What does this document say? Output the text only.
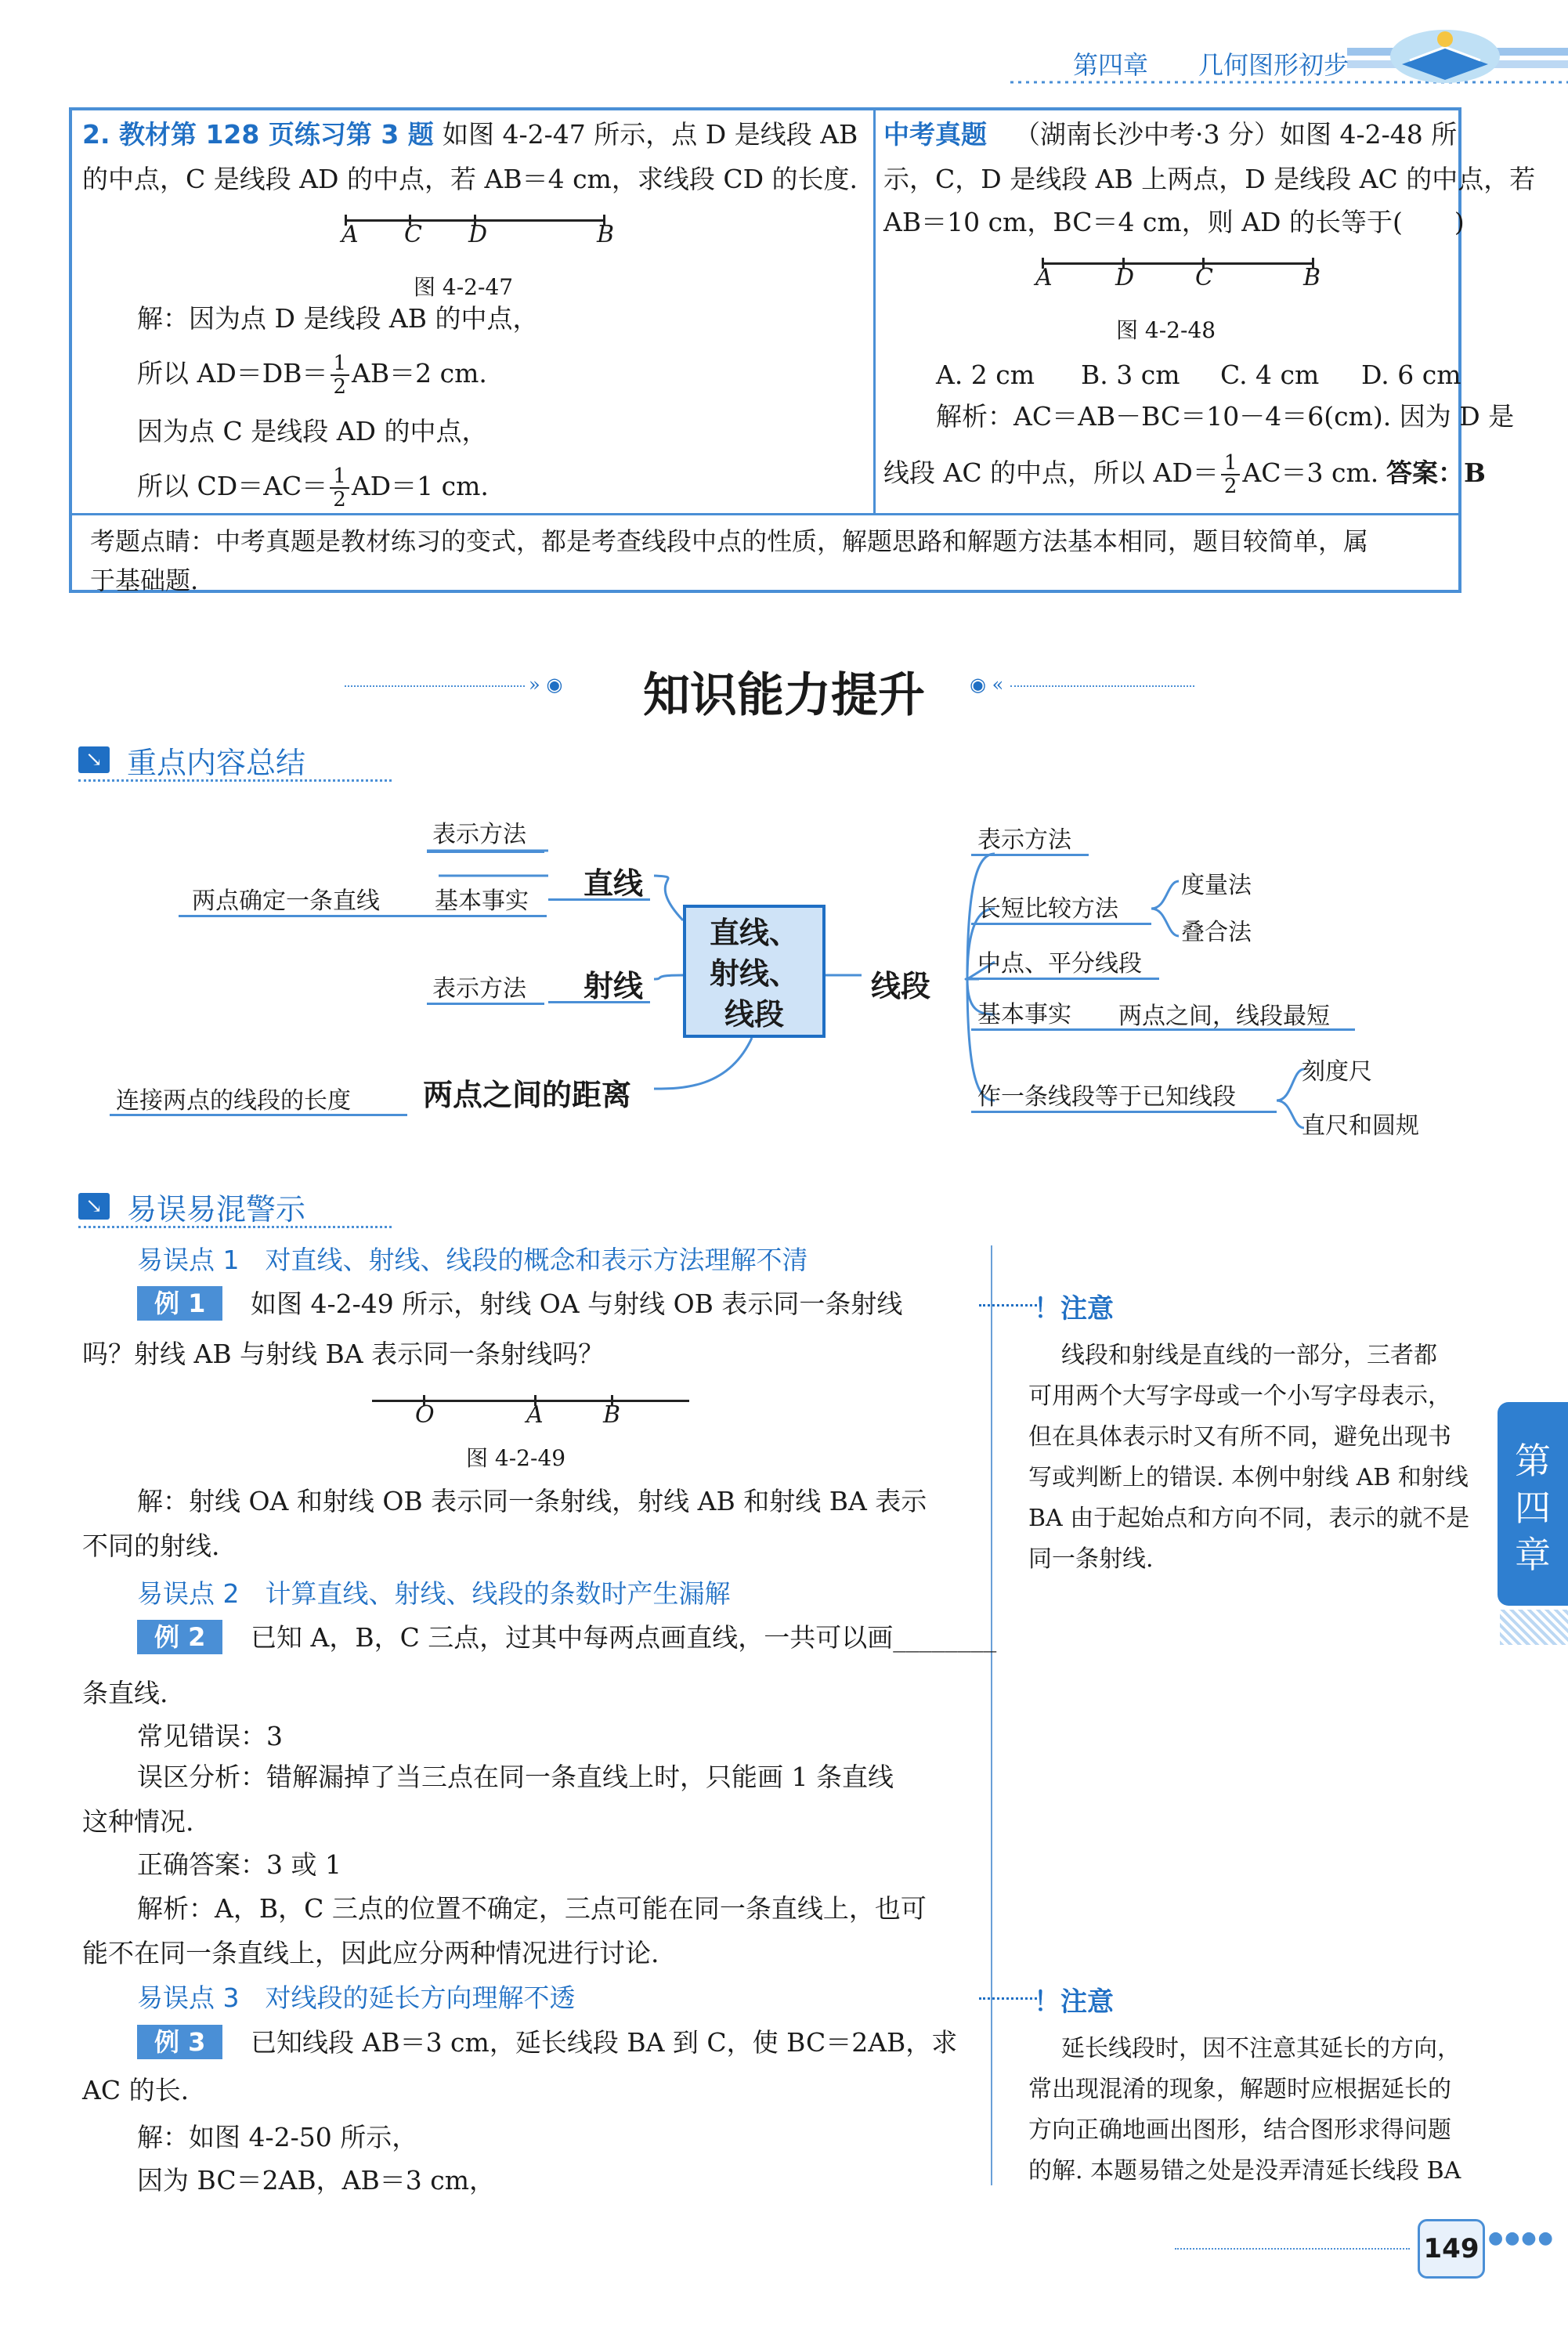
第四章 几何图形初步
2. 教材第 128 页练习第 3 题 如图 4-2-47 所示，点 D 是线段 AB
的中点，C 是线段 AD 的中点，若 AB＝4 cm，求线段 CD 的长度.
A C D	B
图 4-2-47
解：因为点 D 是线段 AB 的中点，
所以 $AD=DB= \frac{1}{2} AB=2$ cm.
因为点 C 是线段 AD 的中点，
所以 $CD=AC= \frac{1}{2} AD=1$ cm.
中考真题 （湖南长沙中考·3 分）如图 4-2-48 所
示，C，D 是线段 AB 上两点，D 是线段 AC 的中点，若
AB＝10 cm，BC＝4 cm，则 AD 的长等于(　　)
A	D	C	B
图 4-2-48
A. 2 cm B. 3 cm C. 4 cm D. 6 cm
解析：AC＝AB－BC＝10－4＝6(cm). 因为 D 是
线段 AC 的中点，所以 $AD= \frac{1}{2} AC=3$ cm. 答案：B
考题点睛：中考真题是教材练习的变式，都是考查线段中点的性质，解题思路和解题方法基本相同，题目较简单，属
于基础题.
» ◉	◉ «
知识能力提升
↘ 重点内容总结
直线、
射线、
线段
直线
表示方法
基本事实
两点确定一条直线
射线
表示方法
两点之间的距离
连接两点的线段的长度
线段
表示方法
长短比较方法
度量法
叠合法
中点、平分线段
基本事实 两点之间，线段最短
作一条线段等于已知线段
刻度尺
直尺和圆规
↘ 易误易混警示
易误点 1　对直线、射线、线段的概念和表示方法理解不清
例 1	如图 4-2-49 所示，射线 OA 与射线 OB 表示同一条射线
吗？射线 AB 与射线 BA 表示同一条射线吗？
O	A	B
图 4-2-49
解：射线 OA 和射线 OB 表示同一条射线，射线 AB 和射线 BA 表示
不同的射线.
易误点 2　计算直线、射线、线段的条数时产生漏解
例 2	已知 A，B，C 三点，过其中每两点画直线，一共可以画________
条直线.
常见错误：3
误区分析：错解漏掉了当三点在同一条直线上时，只能画 1 条直线
这种情况.
正确答案：3 或 1
解析：A，B，C 三点的位置不确定，三点可能在同一条直线上，也可
能不在同一条直线上，因此应分两种情况进行讨论.
易误点 3　对线段的延长方向理解不透
例 3	已知线段 AB＝3 cm，延长线段 BA 到 C，使 BC＝2AB，求
AC 的长.
解：如图 4-2-50 所示，
因为 BC＝2AB，AB＝3 cm，
！注意
线段和射线是直线的一部分，三者都
可用两个大写字母或一个小写字母表示，
但在具体表示时又有所不同，避免出现书
写或判断上的错误. 本例中射线 AB 和射线
BA 由于起始点和方向不同，表示的就不是
同一条射线.
！注意
延长线段时，因不注意其延长的方向，
常出现混淆的现象，解题时应根据延长的
方向正确地画出图形，结合图形求得问题
的解. 本题易错之处是没弄清延长线段 BA
第
四
章
149 ●●●●
